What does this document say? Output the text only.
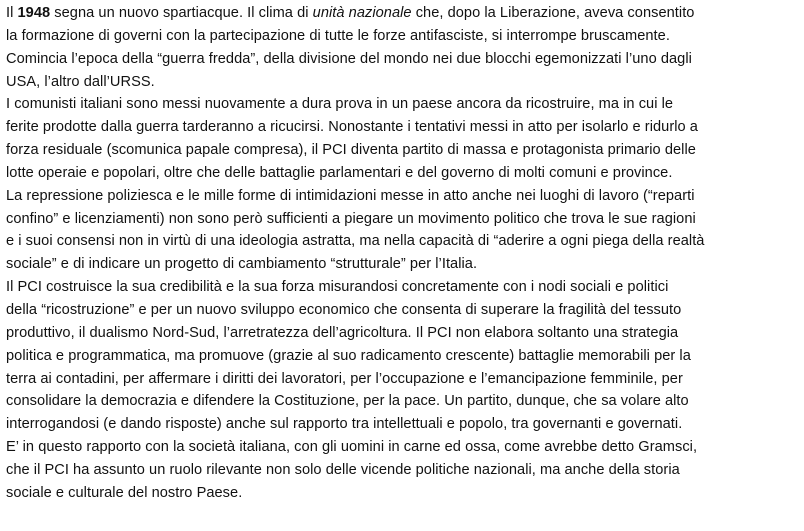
Il 1948 segna un nuovo spartiacque. Il clima di unità nazionale che, dopo la Liberazione, aveva consentito
la formazione di governi con la partecipazione di tutte le forze antifasciste, si interrompe bruscamente.
Comincia l’epoca della “guerra fredda”, della divisione del mondo nei due blocchi egemonizzati l’uno dagli
USA, l’altro dall’URSS.

I comunisti italiani sono messi nuovamente a dura prova in un paese ancora da ricostruire, ma in cui le
ferite prodotte dalla guerra tarderanno a ricucirsi. Nonostante i tentativi messi in atto per isolarlo e ridurlo a
forza residuale (scomunica papale compresa), il PCI diventa partito di massa e protagonista primario delle
lotte operaie e popolari, oltre che delle battaglie parlamentari e del governo di molti comuni e province.

La repressione poliziesca e le mille forme di intimidazioni messe in atto anche nei luoghi di lavoro (“reparti
confino” e licenziamenti) non sono però sufficienti a piegare un movimento politico che trova le sue ragioni
e i suoi consensi non in virtù di una ideologia astratta, ma nella capacità di “aderire a ogni piega della realtà
sociale” e di indicare un progetto di cambiamento “strutturale” per l’Italia.

Il PCI costruisce la sua credibilità e la sua forza misurandosi concretamente con i nodi sociali e politici
della “ricostruzione” e per un nuovo sviluppo economico che consenta di superare la fragilità del tessuto
produttivo, il dualismo Nord-Sud, l’arretratezza dell’agricoltura. Il PCI non elabora soltanto una strategia
politica e programmatica, ma promuove (grazie al suo radicamento crescente) battaglie memorabili per la
terra ai contadini, per affermare i diritti dei lavoratori, per l’occupazione e l’emancipazione femminile, per
consolidare la democrazia e difendere la Costituzione, per la pace. Un partito, dunque, che sa volare alto
interrogandosi (e dando risposte) anche sul rapporto tra intellettuali e popolo, tra governanti e governati.

E’ in questo rapporto con la società italiana, con gli uomini in carne ed ossa, come avrebbe detto Gramsci,
che il PCI ha assunto un ruolo rilevante non solo delle vicende politiche nazionali, ma anche della storia
sociale e culturale del nostro Paese.
